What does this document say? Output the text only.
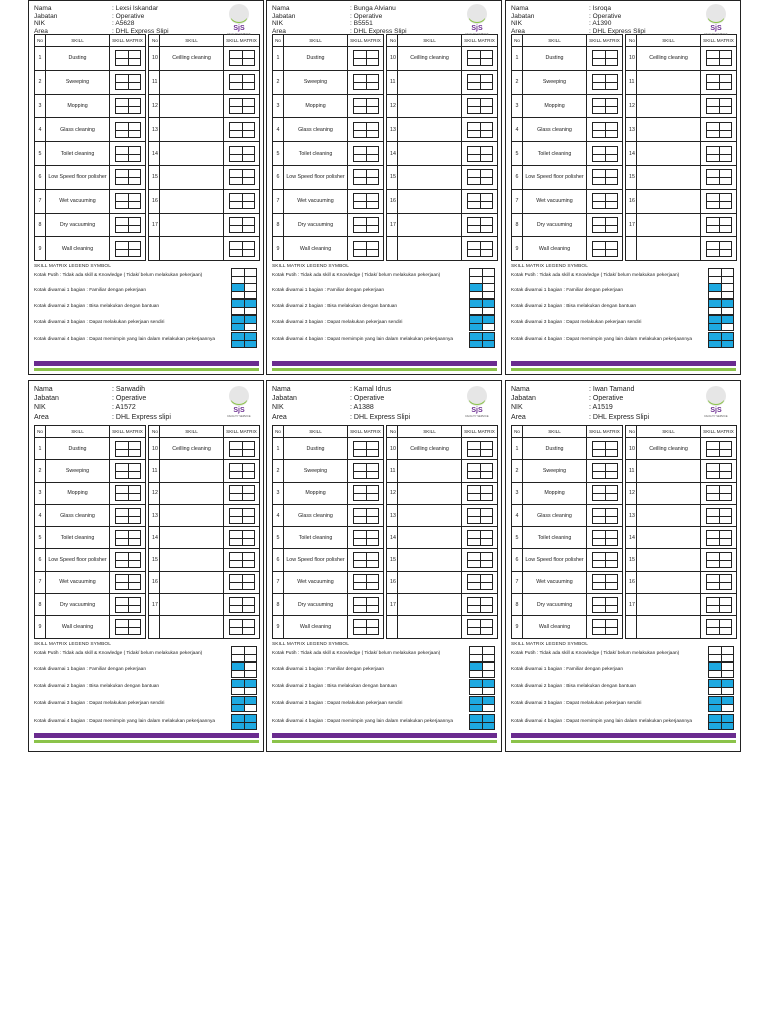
Nama	: Lexsi Iskandar
Jabatan	: Operative
NIK	: A5628
Area	: DHL Express Slipi	SjS
FACILITY SERVICE
No	SKILL	SKILL MATRIX		No	SKILL	SKILL MATRIX
1	Dusting			10	Ceilling cleaning	
2	Sweeping			11		
3	Mopping			12		
4	Glass cleaning			13		
5	Toilet cleaning			14		
6	Low Speed floor polisher			15		
7	Wet vacuuming			16		
8	Dry vacuuming			17		
9	Wall cleaning					
SKILL MATRIX LEGEND SYMBOL
Kotak Putih : Tidak ada skill & Knowledge ( Tidak/ belum melakukan pekerjaan)
Kotak diwarnai 1 bagian : Familiar dengan pekerjaan
Kotak diwarnai 2 bagian : Bisa melakukan dengan bantuan
Kotak diwarnai 3 bagian : Dapat melakukan pekerjaan sendiri
Kotak diwarnai 4 bagian : Dapat memimpin yang lain dalam melakukan pekerjaannya
Nama	: Bunga Alvianu
Jabatan	: Operative
NIK	: B5551
Area	: DHL Express Slipi	SjS
FACILITY SERVICE
No	SKILL	SKILL MATRIX		No	SKILL	SKILL MATRIX
1	Dusting			10	Ceilling cleaning	
2	Sweeping			11		
3	Mopping			12		
4	Glass cleaning			13		
5	Toilet cleaning			14		
6	Low Speed floor polisher			15		
7	Wet vacuuming			16		
8	Dry vacuuming			17		
9	Wall cleaning					
SKILL MATRIX LEGEND SYMBOL
Kotak Putih : Tidak ada skill & Knowledge ( Tidak/ belum melakukan pekerjaan)
Kotak diwarnai 1 bagian : Familiar dengan pekerjaan
Kotak diwarnai 2 bagian : Bisa melakukan dengan bantuan
Kotak diwarnai 3 bagian : Dapat melakukan pekerjaan sendiri
Kotak diwarnai 4 bagian : Dapat memimpin yang lain dalam melakukan pekerjaannya
Nama	: Isroqa
Jabatan	: Operative
NIK	: A1390
Area	: DHL Express Slipi	SjS
FACILITY SERVICE
No	SKILL	SKILL MATRIX		No	SKILL	SKILL MATRIX
1	Dusting			10	Ceilling cleaning	
2	Sweeping			11		
3	Mopping			12		
4	Glass cleaning			13		
5	Toilet cleaning			14		
6	Low Speed floor polisher			15		
7	Wet vacuuming			16		
8	Dry vacuuming			17		
9	Wall cleaning					
SKILL MATRIX LEGEND SYMBOL
Kotak Putih : Tidak ada skill & Knowledge ( Tidak/ belum melakukan pekerjaan)
Kotak diwarnai 1 bagian : Familiar dengan pekerjaan
Kotak diwarnai 2 bagian : Bisa melakukan dengan bantuan
Kotak diwarnai 3 bagian : Dapat melakukan pekerjaan sendiri
Kotak diwarnai 4 bagian : Dapat memimpin yang lain dalam melakukan pekerjaannya
Nama	: Sarwadih
Jabatan	: Operative
NIK	: A1572
Area	: DHL Express slipi
SjS
FACILITY SERVICE
No	SKILL	SKILL MATRIX		No	SKILL	SKILL MATRIX
1	Dusting			10	Ceilling cleaning	
2	Sweeping			11		
3	Mopping			12		
4	Glass cleaning			13		
5	Toilet cleaning			14		
6	Low Speed floor polisher			15		
7	Wet vacuuming			16		
8	Dry vacuuming			17		
9	Wall cleaning					
SKILL MATRIX LEGEND SYMBOL
Kotak Putih : Tidak ada skill & Knowledge ( Tidak/ belum melakukan pekerjaan)
Kotak diwarnai 1 bagian : Familiar dengan pekerjaan
Kotak diwarnai 2 bagian : Bisa melakukan dengan bantuan
Kotak diwarnai 3 bagian : Dapat melakukan pekerjaan sendiri
Kotak diwarnai 4 bagian : Dapat memimpin yang lain dalam melakukan pekerjaannya
Nama	: Kamal Idrus
Jabatan	: Operative
NIK	: A1388
Area	: DHL Express Slipi
SjS
FACILITY SERVICE
No	SKILL	SKILL MATRIX		No	SKILL	SKILL MATRIX
1	Dusting			10	Ceilling cleaning	
2	Sweeping			11		
3	Mopping			12		
4	Glass cleaning			13		
5	Toilet cleaning			14		
6	Low Speed floor polisher			15		
7	Wet vacuuming			16		
8	Dry vacuuming			17		
9	Wall cleaning					
SKILL MATRIX LEGEND SYMBOL
Kotak Putih : Tidak ada skill & Knowledge ( Tidak/ belum melakukan pekerjaan)
Kotak diwarnai 1 bagian : Familiar dengan pekerjaan
Kotak diwarnai 2 bagian : Bisa melakukan dengan bantuan
Kotak diwarnai 3 bagian : Dapat melakukan pekerjaan sendiri
Kotak diwarnai 4 bagian : Dapat memimpin yang lain dalam melakukan pekerjaannya
Nama	: Iwan Tamand
Jabatan	: Operative
NIK	: A1519
Area	: DHL Express Slipi
SjS
FACILITY SERVICE
No	SKILL	SKILL MATRIX		No	SKILL	SKILL MATRIX
1	Dusting			10	Ceilling cleaning	
2	Sweeping			11		
3	Mopping			12		
4	Glass cleaning			13		
5	Toilet cleaning			14		
6	Low Speed floor polisher			15		
7	Wet vacuuming			16		
8	Dry vacuuming			17		
9	Wall cleaning					
SKILL MATRIX LEGEND SYMBOL
Kotak Putih : Tidak ada skill & Knowledge ( Tidak/ belum melakukan pekerjaan)
Kotak diwarnai 1 bagian : Familiar dengan pekerjaan
Kotak diwarnai 2 bagian : Bisa melakukan dengan bantuan
Kotak diwarnai 3 bagian : Dapat melakukan pekerjaan sendiri
Kotak diwarnai 4 bagian : Dapat memimpin yang lain dalam melakukan pekerjaannya
